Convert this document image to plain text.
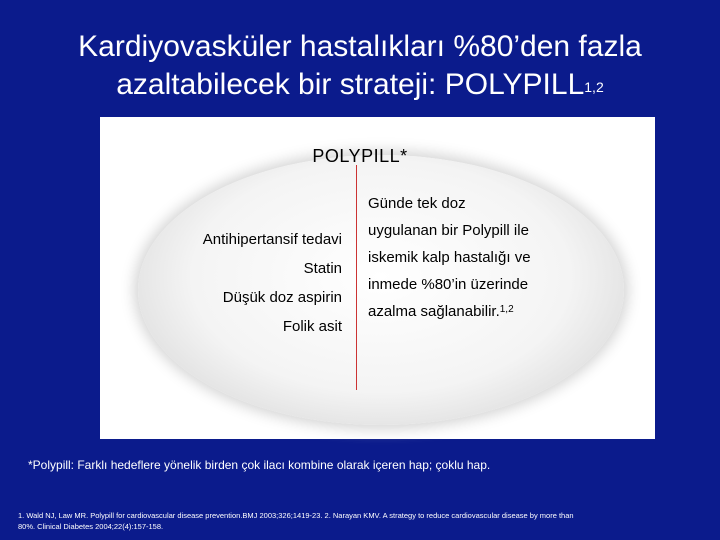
Kardiyovasküler hastalıkları %80’den fazla
azaltabilecek bir strateji: POLYPILL$^{1,2}$
POLYPILL*
Antihipertansif tedavi
Statin
Düşük doz aspirin
Folik asit
Günde tek doz
uygulanan bir Polypill ile
iskemik kalp hastalığı ve
inmede %80’in üzerinde
azalma sağlanabilir.$^{1,2}$
*Polypill: Farklı hedeflere yönelik birden çok ilacı kombine olarak içeren hap; çoklu hap.
1. Wald NJ, Law MR. Polypill for cardiovascular disease prevention.BMJ 2003;326;1419-23. 2. Narayan KMV. A strategy to reduce cardiovascular disease by more than
80%. Clinical Diabetes 2004;22(4):157-158.
